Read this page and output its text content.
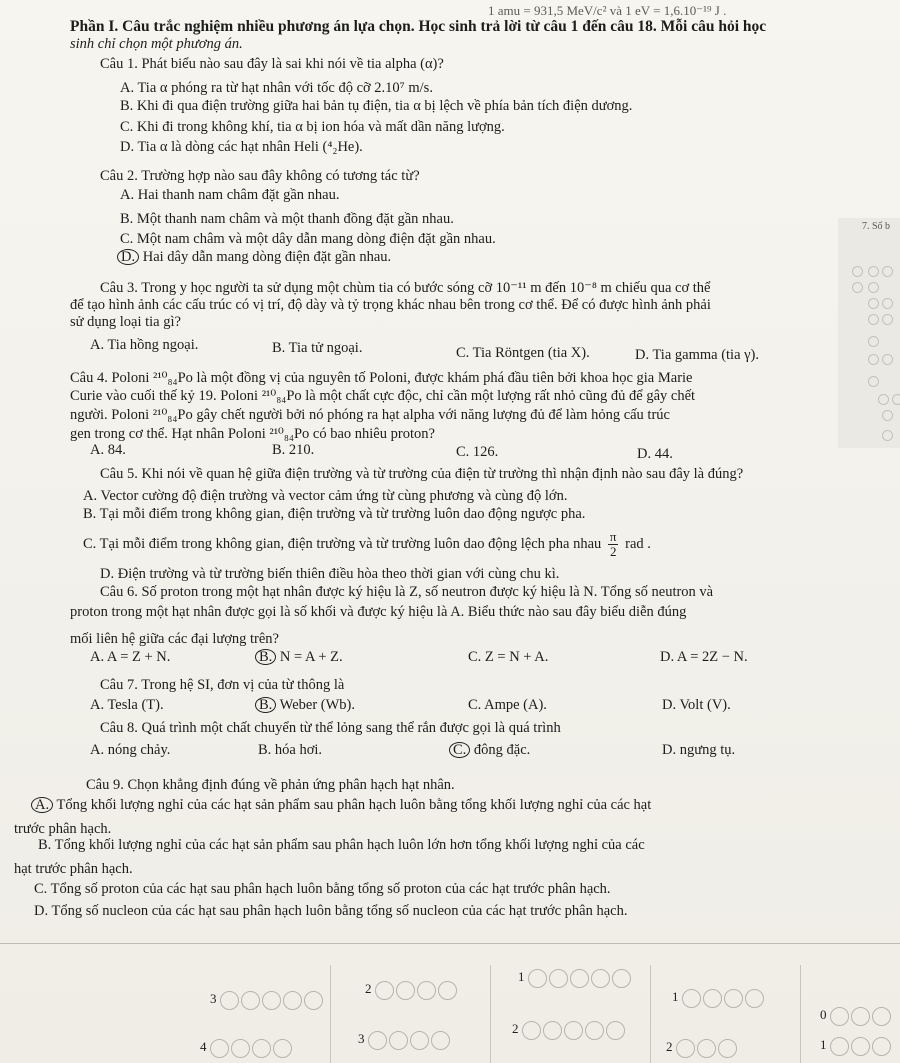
1 amu = 931,5 MeV/c² và 1 eV = 1,6.10⁻¹⁹ J .
Phần I. Câu trắc nghiệm nhiều phương án lựa chọn. Học sinh trả lời từ câu 1 đến câu 18. Mỗi câu hỏi học
sinh chỉ chọn một phương án.
Câu 1. Phát biểu nào sau đây là sai khi nói về tia alpha (α)?
A. Tia α phóng ra từ hạt nhân với tốc độ cỡ 2.10⁷ m/s.
B. Khi đi qua điện trường giữa hai bản tụ điện, tia α bị lệch về phía bản tích điện dương.
C. Khi đi trong không khí, tia α bị ion hóa và mất dần năng lượng.
D. Tia α là dòng các hạt nhân Heli (⁴₂He).
Câu 2. Trường hợp nào sau đây không có tương tác từ?
A. Hai thanh nam châm đặt gần nhau.
B. Một thanh nam châm và một thanh đồng đặt gần nhau.
C. Một nam châm và một dây dẫn mang dòng điện đặt gần nhau.
D. Hai dây dẫn mang dòng điện đặt gần nhau.
Câu 3. Trong y học người ta sử dụng một chùm tia có bước sóng cỡ 10⁻¹¹ m đến 10⁻⁸ m chiếu qua cơ thể
để tạo hình ảnh các cấu trúc có vị trí, độ dày và tỷ trọng khác nhau bên trong cơ thể. Để có được hình ảnh phải
sử dụng loại tia gì?
A. Tia hồng ngoại.	B. Tia tử ngoại.	C. Tia Röntgen (tia X).	D. Tia gamma (tia γ).
Câu 4. Poloni ²¹⁰₈₄Po là một đồng vị của nguyên tố Poloni, được khám phá đầu tiên bởi khoa học gia Marie
Curie vào cuối thế kỷ 19. Poloni ²¹⁰₈₄Po là một chất cực độc, chỉ cần một lượng rất nhỏ cũng đủ để gây chết
người. Poloni ²¹⁰₈₄Po gây chết người bởi nó phóng ra hạt alpha với năng lượng đủ để làm hỏng cấu trúc
gen trong cơ thể. Hạt nhân Poloni ²¹⁰₈₄Po có bao nhiêu proton?
A. 84.	B. 210.	C. 126.	D. 44.
Câu 5. Khi nói về quan hệ giữa điện trường và từ trường của điện từ trường thì nhận định nào sau đây là đúng?
A. Vector cường độ điện trường và vector cảm ứng từ cùng phương và cùng độ lớn.
B. Tại mỗi điểm trong không gian, điện trường và từ trường luôn dao động ngược pha.
C. Tại mỗi điểm trong không gian, điện trường và từ trường luôn dao động lệch pha nhau $\frac{\pi}{2}$ rad .
D. Điện trường và từ trường biến thiên điều hòa theo thời gian với cùng chu kì.
Câu 6. Số proton trong một hạt nhân được ký hiệu là Z, số neutron được ký hiệu là N. Tổng số neutron và
proton trong một hạt nhân được gọi là số khối và được ký hiệu là A. Biểu thức nào sau đây biểu diễn đúng
mối liên hệ giữa các đại lượng trên?
A. A = Z + N.	B. N = A + Z.	C. Z = N + A.	D. A = 2Z − N.
Câu 7. Trong hệ SI, đơn vị của từ thông là
A. Tesla (T).	B. Weber (Wb).	C. Ampe (A).	D. Volt (V).
Câu 8. Quá trình một chất chuyển từ thể lỏng sang thể rắn được gọi là quá trình
A. nóng chảy.	B. hóa hơi.	C. đông đặc.	D. ngưng tụ.
Câu 9. Chọn khẳng định đúng về phản ứng phân hạch hạt nhân.
A. Tổng khối lượng nghỉ của các hạt sản phẩm sau phân hạch luôn bằng tổng khối lượng nghỉ của các hạt
trước phân hạch.
B. Tổng khối lượng nghỉ của các hạt sản phẩm sau phân hạch luôn lớn hơn tổng khối lượng nghỉ của các
hạt trước phân hạch.
C. Tổng số proton của các hạt sau phân hạch luôn bằng tổng số proton của các hạt trước phân hạch.
D. Tổng số nucleon của các hạt sau phân hạch luôn bằng tổng số nucleon của các hạt trước phân hạch.
7. Số b
3
4
2
3
1
2
1
2
0
1
